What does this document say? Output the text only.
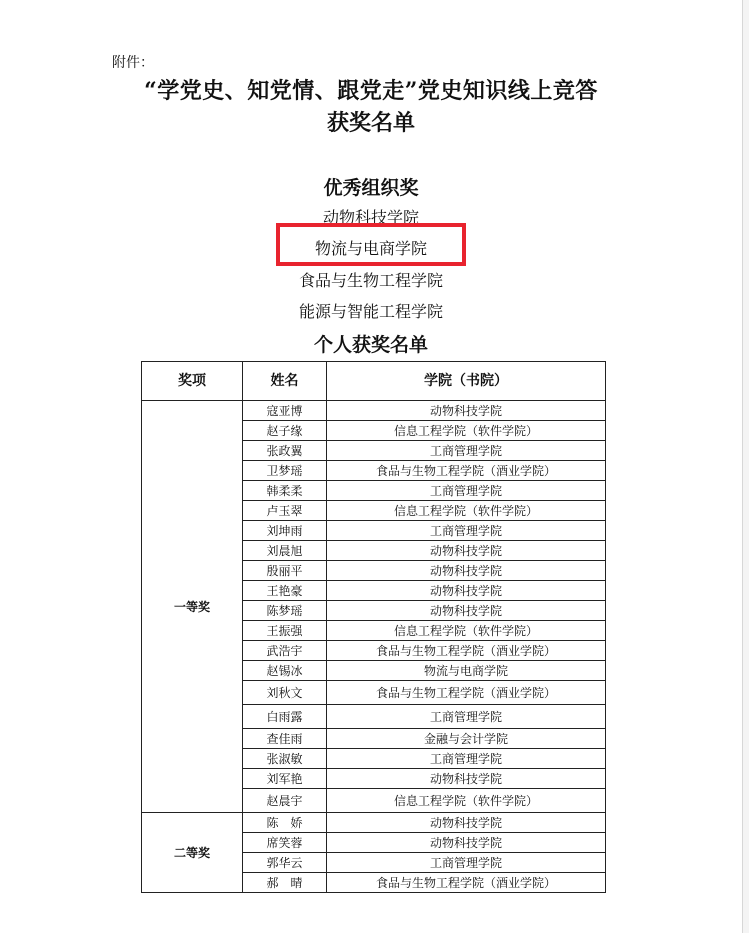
附件：
“学党史、知党情、跟党走”党史知识线上竞答
获奖名单
优秀组织奖
动物科技学院
物流与电商学院
食品与生物工程学院
能源与智能工程学院
个人获奖名单
奖项	姓名	学院（书院）
一等奖	寇亚博	动物科技学院
	赵子缘	信息工程学院（软件学院）
	张政翼	工商管理学院
	卫梦瑶	食品与生物工程学院（酒业学院）
	韩柔柔	工商管理学院
	卢玉翠	信息工程学院（软件学院）
	刘坤雨	工商管理学院
	刘晨旭	动物科技学院
	殷丽平	动物科技学院
	王艳豪	动物科技学院
	陈梦瑶	动物科技学院
	王振强	信息工程学院（软件学院）
	武浩宇	食品与生物工程学院（酒业学院）
	赵锡冰	物流与电商学院
	刘秋文	食品与生物工程学院（酒业学院）
	白雨露	工商管理学院
	查佳雨	金融与会计学院
	张淑敏	工商管理学院
	刘军艳	动物科技学院
	赵晨宇	信息工程学院（软件学院）
二等奖	陈　娇	动物科技学院
	席笑蓉	动物科技学院
	郭华云	工商管理学院
	郝　晴	食品与生物工程学院（酒业学院）
